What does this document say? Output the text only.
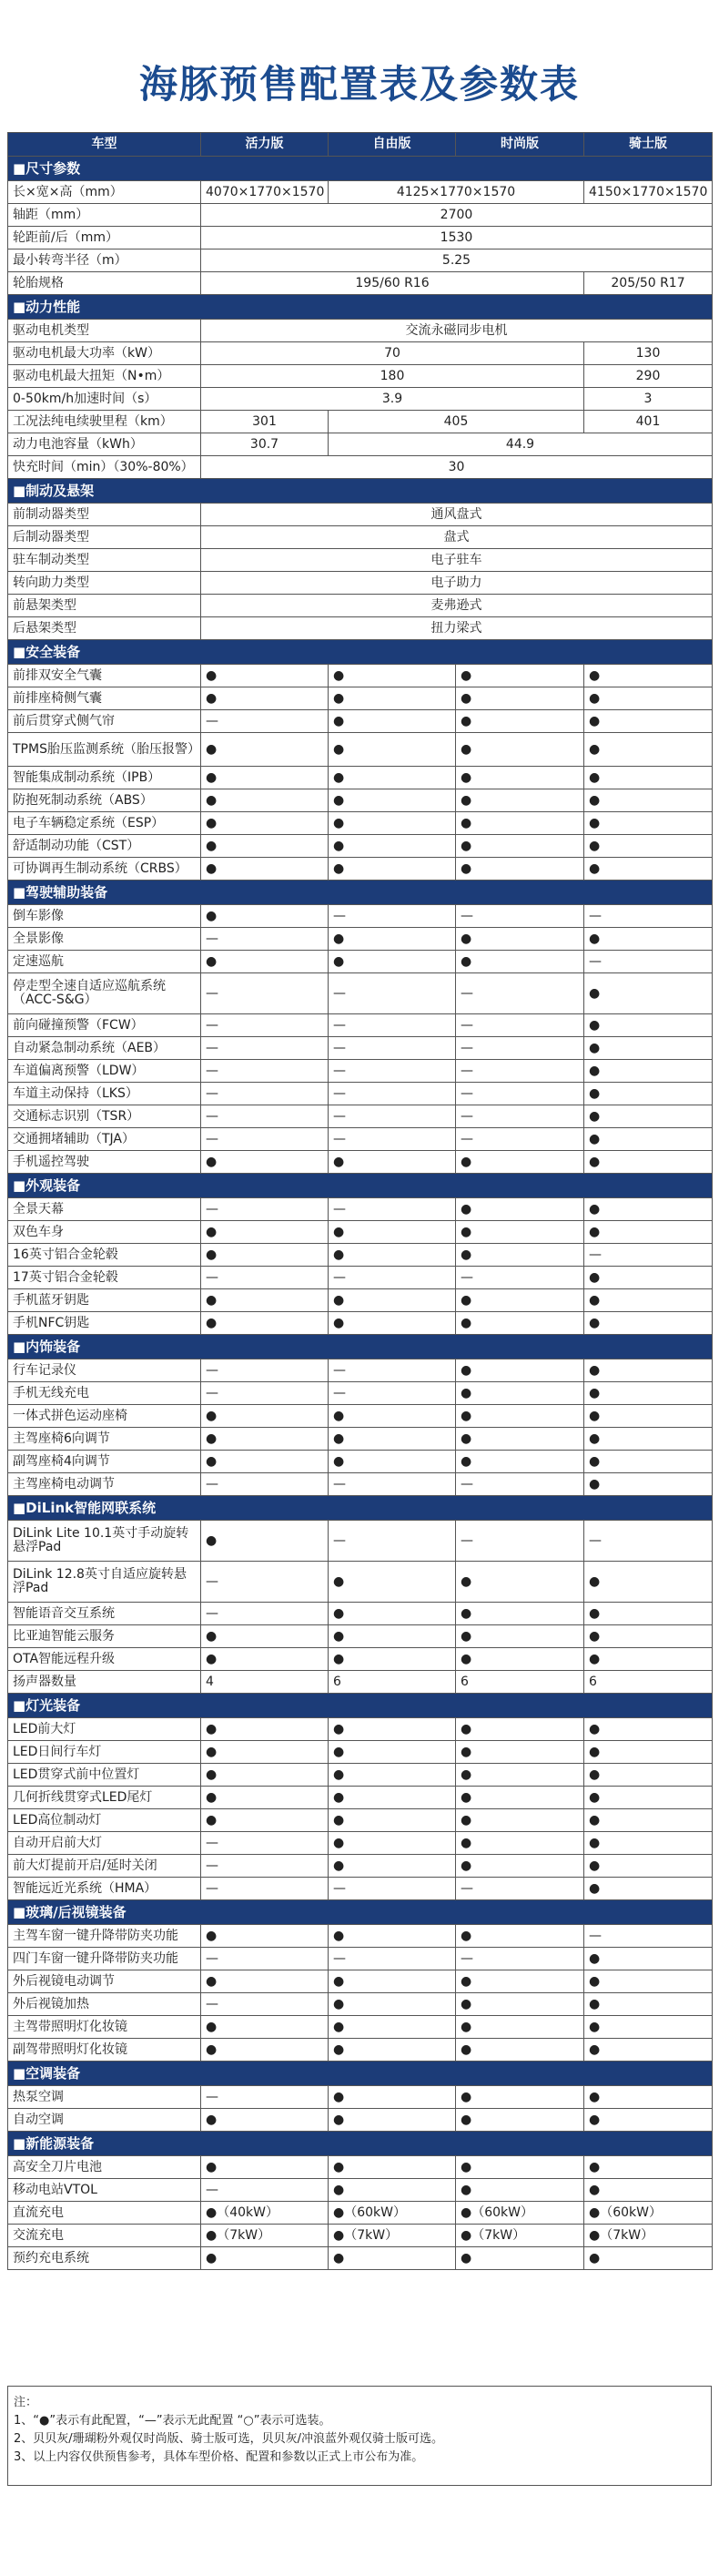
海豚预售配置表及参数表
车型	活力版	自由版	时尚版	骑士版
■尺寸参数				
长×宽×高（mm）	4070×1770×1570	4125×1770×1570		4150×1770×1570
轴距（mm）	2700			
轮距前/后（mm）	1530			
最小转弯半径（m）	5.25			
轮胎规格	195/60 R16			205/50 R17
■动力性能				
驱动电机类型	交流永磁同步电机			
驱动电机最大功率（kW）	70			130
驱动电机最大扭矩（N•m）	180			290
0-50km/h加速时间（s）	3.9			3
工况法纯电续驶里程（km）	301	405		401
动力电池容量（kWh）	30.7	44.9		
快充时间（min）（30%-80%）	30			
■制动及悬架				
前制动器类型	通风盘式			
后制动器类型	盘式			
驻车制动类型	电子驻车			
转向助力类型	电子助力			
前悬架类型	麦弗逊式			
后悬架类型	扭力梁式			
■安全装备				
前排双安全气囊	●	●	●	●
前排座椅侧气囊	●	●	●	●
前后贯穿式侧气帘	—	●	●	●
TPMS胎压监测系统（胎压报警）	●	●	●	●
智能集成制动系统（IPB）	●	●	●	●
防抱死制动系统（ABS）	●	●	●	●
电子车辆稳定系统（ESP）	●	●	●	●
舒适制动功能（CST）	●	●	●	●
可协调再生制动系统（CRBS）	●	●	●	●
■驾驶辅助装备				
倒车影像	●	—	—	—
全景影像	—	●	●	●
定速巡航	●	●	●	—
停走型全速自适应巡航系统（ACC-S&G）	—	—	—	●
前向碰撞预警（FCW）	—	—	—	●
自动紧急制动系统（AEB）	—	—	—	●
车道偏离预警（LDW）	—	—	—	●
车道主动保持（LKS）	—	—	—	●
交通标志识别（TSR）	—	—	—	●
交通拥堵辅助（TJA）	—	—	—	●
手机遥控驾驶	●	●	●	●
■外观装备				
全景天幕	—	—	●	●
双色车身	●	●	●	●
16英寸铝合金轮毂	●	●	●	—
17英寸铝合金轮毂	—	—	—	●
手机蓝牙钥匙	●	●	●	●
手机NFC钥匙	●	●	●	●
■内饰装备				
行车记录仪	—	—	●	●
手机无线充电	—	—	●	●
一体式拼色运动座椅	●	●	●	●
主驾座椅6向调节	●	●	●	●
副驾座椅4向调节	●	●	●	●
主驾座椅电动调节	—	—	—	●
■DiLink智能网联系统				
DiLink Lite 10.1英寸手动旋转悬浮Pad	●	—	—	—
DiLink 12.8英寸自适应旋转悬浮Pad	—	●	●	●
智能语音交互系统	—	●	●	●
比亚迪智能云服务	●	●	●	●
OTA智能远程升级	●	●	●	●
扬声器数量	4	6	6	6
■灯光装备				
LED前大灯	●	●	●	●
LED日间行车灯	●	●	●	●
LED贯穿式前中位置灯	●	●	●	●
几何折线贯穿式LED尾灯	●	●	●	●
LED高位制动灯	●	●	●	●
自动开启前大灯	—	●	●	●
前大灯提前开启/延时关闭	—	●	●	●
智能远近光系统（HMA）	—	—	—	●
■玻璃/后视镜装备				
主驾车窗一键升降带防夹功能	●	●	●	—
四门车窗一键升降带防夹功能	—	—	—	●
外后视镜电动调节	●	●	●	●
外后视镜加热	—	●	●	●
主驾带照明灯化妆镜	●	●	●	●
副驾带照明灯化妆镜	●	●	●	●
■空调装备				
热泵空调	—	●	●	●
自动空调	●	●	●	●
■新能源装备				
高安全刀片电池	●	●	●	●
移动电站VTOL	—	●	●	●
直流充电	●（40kW）	●（60kW）	●（60kW）	●（60kW）
交流充电	●（7kW）	●（7kW）	●（7kW）	●（7kW）
预约充电系统	●	●	●	●
注：
1、“●”表示有此配置，“—”表示无此配置 “○”表示可选装。
2、贝贝灰/珊瑚粉外观仅时尚版、骑士版可选，贝贝灰/冲浪蓝外观仅骑士版可选。
3、以上内容仅供预售参考，具体车型价格、配置和参数以正式上市公布为准。
